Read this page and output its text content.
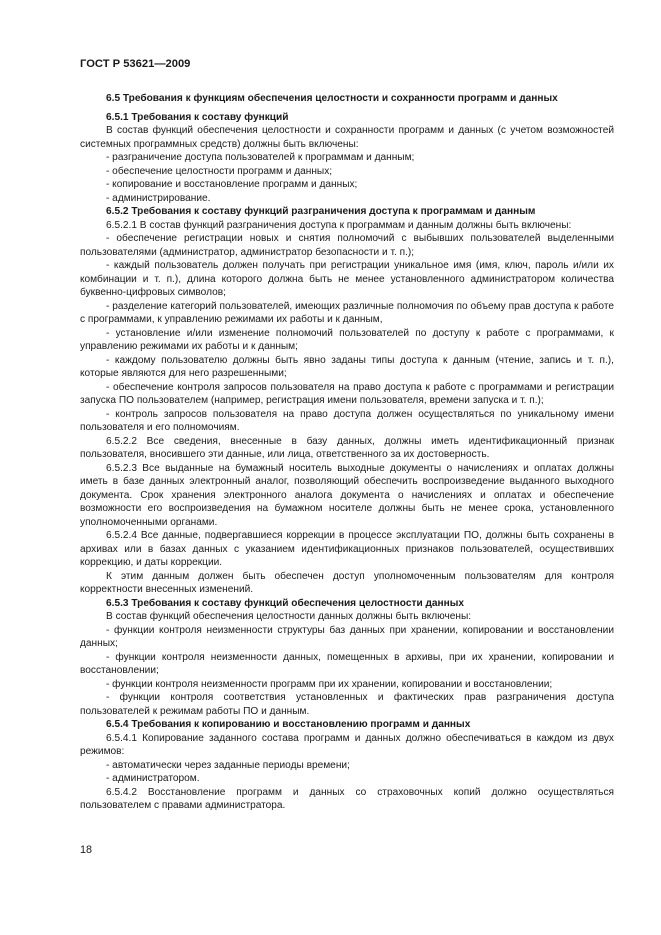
ГОСТ Р 53621—2009

6.5 Требования к функциям обеспечения целостности и сохранности программ и данных

6.5.1 Требования к составу функций

В состав функций обеспечения целостности и сохранности программ и данных (с учетом возможностей системных программных средств) должны быть включены:

- разграничение доступа пользователей к программам и данным;

- обеспечение целостности программ и данных;

- копирование и восстановление программ и данных;

- администрирование.

6.5.2 Требования к составу функций разграничения доступа к программам и данным

6.5.2.1 В состав функций разграничения доступа к программам и данным должны быть включены:

- обеспечение регистрации новых и снятия полномочий с выбывших пользователей выделенными пользователями (администратор, администратор безопасности и т. п.);

- каждый пользователь должен получать при регистрации уникальное имя (имя, ключ, пароль и/или их комбинации и т. п.), длина которого должна быть не менее установленного администратором количества буквенно-цифровых символов;

- разделение категорий пользователей, имеющих различные полномочия по объему прав доступа к работе с программами, к управлению режимами их работы и к данным,

- установление и/или изменение полномочий пользователей по доступу к работе с программами, к управлению режимами их работы и к данным;

- каждому пользователю должны быть явно заданы типы доступа к данным (чтение, запись и т. п.), которые являются для него разрешенными;

- обеспечение контроля запросов пользователя на право доступа к работе с программами и регистрации запуска ПО пользователем (например, регистрация имени пользователя, времени запуска и т. п.);

- контроль запросов пользователя на право доступа должен осуществляться по уникальному имени пользователя и его полномочиям.

6.5.2.2 Все сведения, внесенные в базу данных, должны иметь идентификационный признак пользователя, вносившего эти данные, или лица, ответственного за их достоверность.

6.5.2.3 Все выданные на бумажный носитель выходные документы о начислениях и оплатах должны иметь в базе данных электронный аналог, позволяющий обеспечить воспроизведение выданного выходного документа. Срок хранения электронного аналога документа о начислениях и оплатах и обеспечение возможности его воспроизведения на бумажном носителе должны быть не менее срока, установленного уполномоченными органами.

6.5.2.4 Все данные, подвергавшиеся коррекции в процессе эксплуатации ПО, должны быть сохранены в архивах или в базах данных с указанием идентификационных признаков пользователей, осуществивших коррекцию, и даты коррекции.

К этим данным должен быть обеспечен доступ уполномоченным пользователям для контроля корректности внесенных изменений.

6.5.3 Требования к составу функций обеспечения целостности данных

В состав функций обеспечения целостности данных должны быть включены:

- функции контроля неизменности структуры баз данных при хранении, копировании и восстановлении данных;

- функции контроля неизменности данных, помещенных в архивы, при их хранении, копировании и восстановлении;

- функции контроля неизменности программ при их хранении, копировании и восстановлении;

- функции контроля соответствия установленных и фактических прав разграничения доступа пользователей к режимам работы ПО и данным.

6.5.4 Требования к копированию и восстановлению программ и данных

6.5.4.1 Копирование заданного состава программ и данных должно обеспечиваться в каждом из двух режимов:

- автоматически через заданные периоды времени;

- администратором.

6.5.4.2 Восстановление программ и данных со страховочных копий должно осуществляться пользователем с правами администратора.

18
